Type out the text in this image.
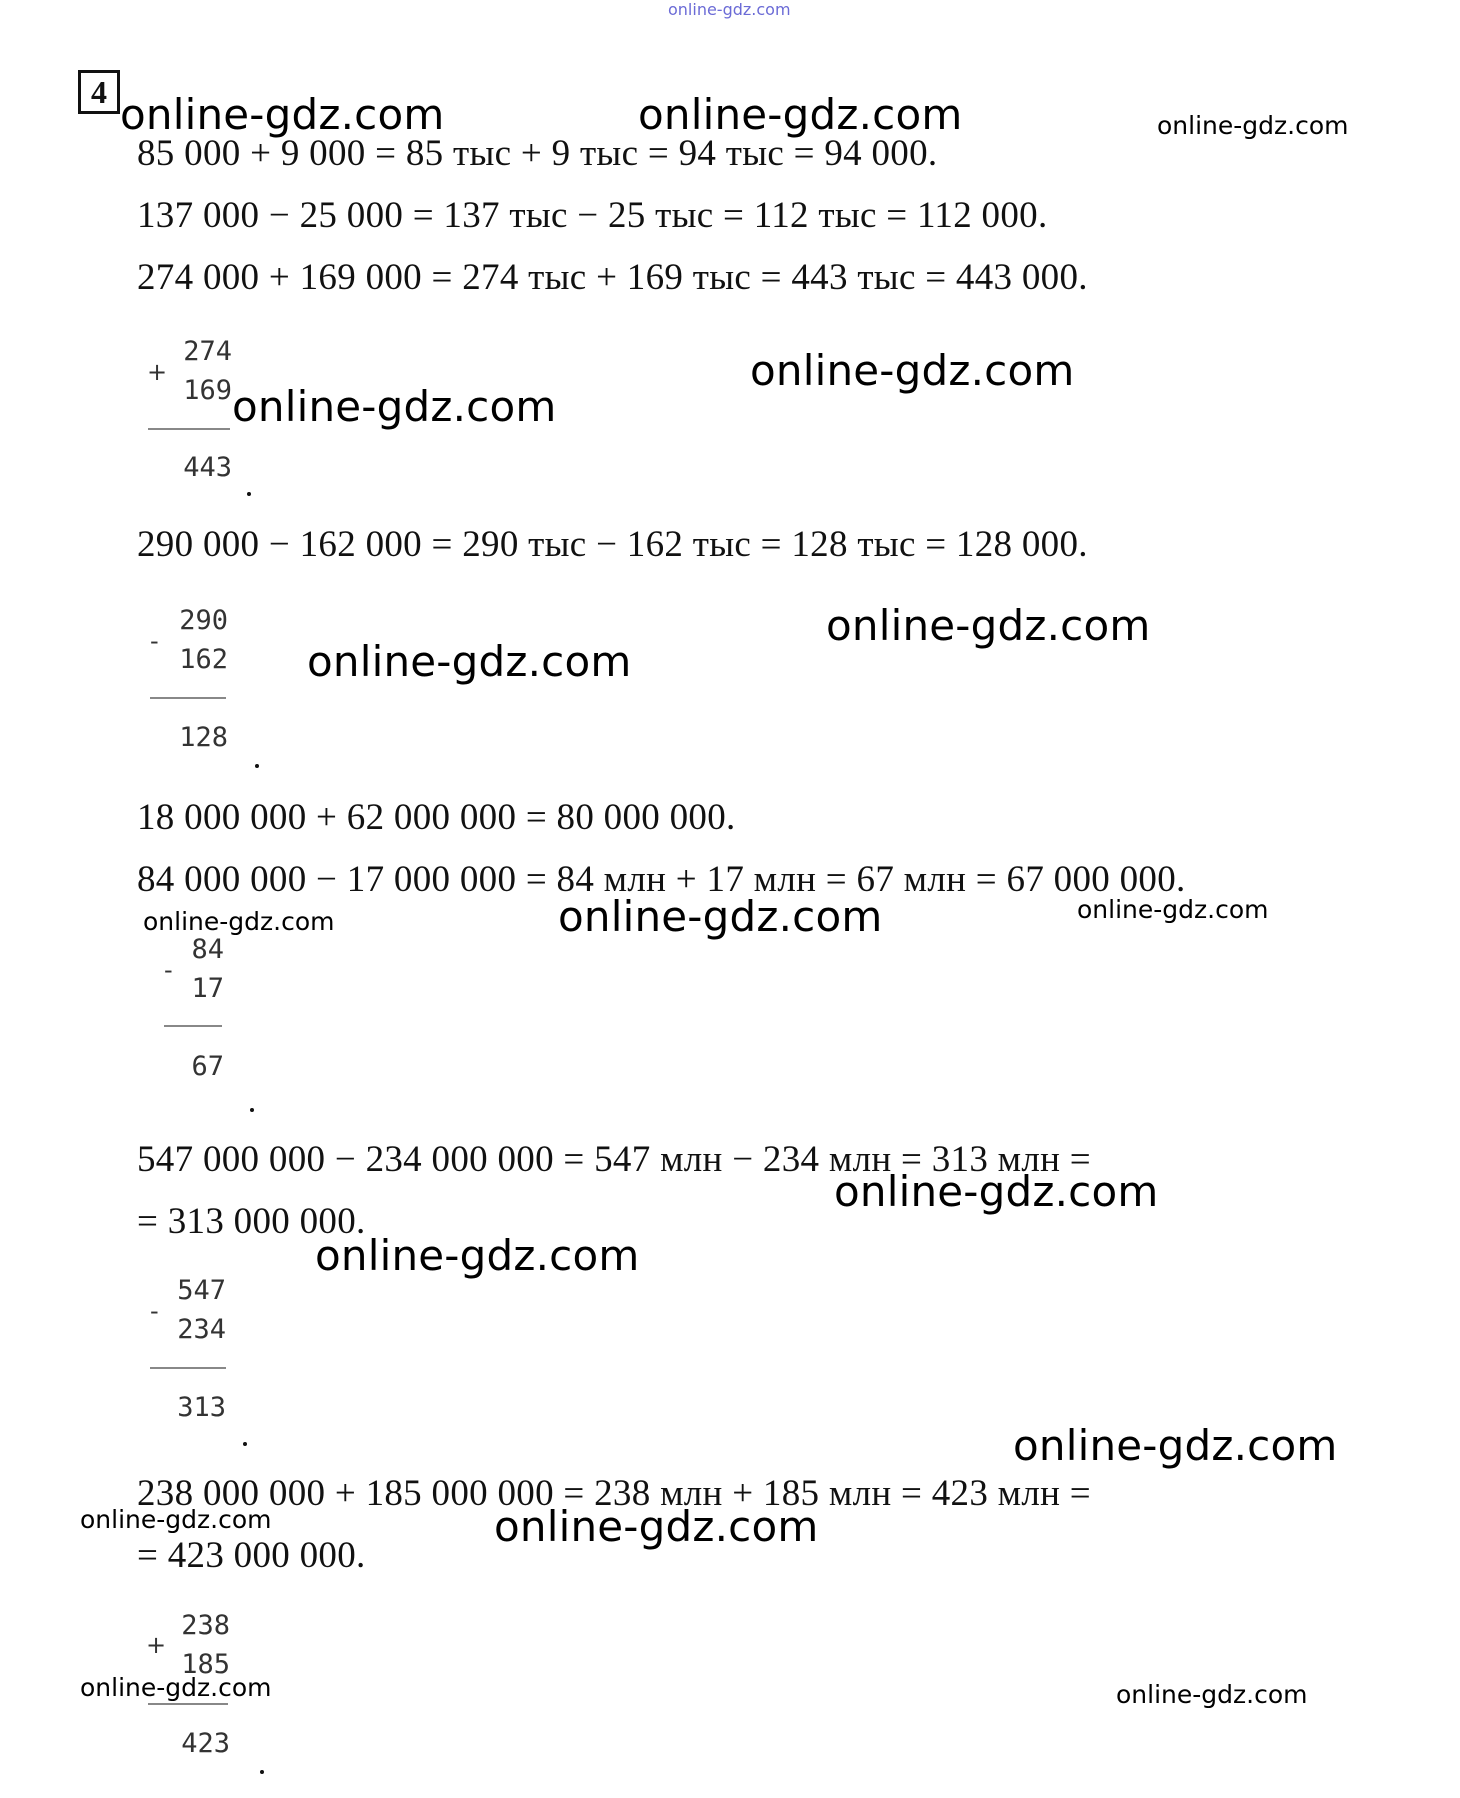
online-gdz.com
4 online-gdz.com	online-gdz.com	online-gdz.com
online-gdz.com
online-gdz.com
online-gdz.com
online-gdz.com
online-gdz.com	online-gdz.com	online-gdz.com
online-gdz.com
online-gdz.com
online-gdz.com
online-gdz.com	online-gdz.com
online-gdz.com	online-gdz.com
85 000 + 9 000 = 85 тыс + 9 тыс = 94 тыс = 94 000.
137 000 − 25 000 = 137 тыс − 25 тыс = 112 тыс = 112 000.
274 000 + 169 000 = 274 тыс + 169 тыс = 443 тыс = 443 000.
290 000 − 162 000 = 290 тыс − 162 тыс = 128 тыс = 128 000.
18 000 000 + 62 000 000 = 80 000 000.
84 000 000 − 17 000 000 = 84 млн + 17 млн = 67 млн = 67 000 000.
547 000 000 − 234 000 000 = 547 млн − 234 млн = 313 млн =
= 313 000 000.
238 000 000 + 185 000 000 = 238 млн + 185 млн = 423 млн =
= 423 000 000.
274
+
169
443
290
-
162
128
84
-
17
67
547
-
234
313
238
+
185
423
